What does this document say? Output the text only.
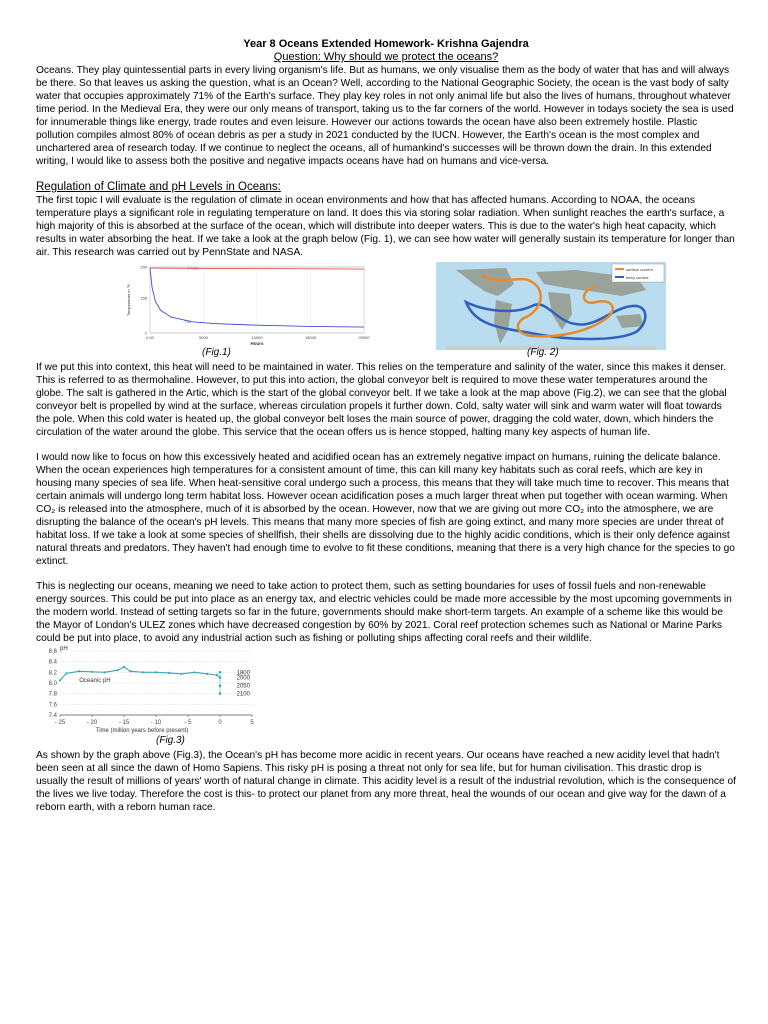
Year 8 Oceans Extended Homework- Krishna Gajendra
Question: Why should we protect the oceans?

Oceans. They play quintessential parts in every living organism's life. But as humans, we only visualise them as the body of water that has and will always be there. So that leaves us asking the question, what is an Ocean? Well, according to the National Geographic Society, the ocean is the vast body of salty water that occupies approximately 71% of the Earth's surface. They play key roles in not only animal life but also the lives of humans, throughout whatever time period. In the Medieval Era, they were our only means of transport, taking us to the far corners of the world. However in todays society the sea is used for innumerable things like energy, trade routes and even leisure. However our actions towards the ocean have also been extremely hostile. Plastic pollution compiles almost 80% of ocean debris as per a study in 2021 conducted by the IUCN. However, the Earth's ocean is the most complex and unchartered area of research today. If we continue to neglect the oceans, all of humankind's successes will be thrown down the drain. In this extended writing, I would like to assess both the positive and negative impacts oceans have had on humans and vice-versa.

Regulation of Climate and pH Levels in Oceans:

The first topic I will evaluate is the regulation of climate in ocean environments and how that has affected humans. According to NOAA, the oceans temperature plays a significant role in regulating temperature on land. It does this via storing solar radiation. When sunlight reaches the earth's surface, a high majority of this is absorbed at the surface of the ocean, which will distribute into deeper waters. This is due to the water's high heat capacity, which results in water absorbing the heat. If we take a look at the graph below (Fig. 1), we can see how water will generally sustain its temperature for longer than air. This research was carried out by PennState and NASA.

0.00	5000	10000	15000	20000
290
155
1
Hours
Temperature in °K
T water
T air
surface current
deep current
(Fig.1)	(Fig. 2)

If we put this into context, this heat will need to be maintained in water. This relies on the temperature and salinity of the water, since this makes it denser. This is referred to as thermohaline. However, to put this into action, the global conveyor belt is required to move these water temperatures around the globe. The salt is gathered in the Artic, which is the start of the global conveyor belt. If we take a look at the map above (Fig.2), we can see that the global conveyor belt is propelled by wind at the surface, whereas circulation propels it further down. Cold, salty water will sink and warm water will float towards the pole. When this cold water is heated up, the global conveyor belt loses the main source of power, dragging the cold water, down, which hinders the circulation of the water around the globe. This service that the ocean offers us is hence stopped, halting many key aspects of human life.

I would now like to focus on how this excessively heated and acidified ocean has an extremely negative impact on humans, ruining the delicate balance. When the ocean experiences high temperatures for a consistent amount of time, this can kill many key habitats such as coral reefs, which are key in housing many species of sea life. When heat-sensitive coral undergo such a process, this means that they will take much time to recover. This means that certain animals will undergo long term habitat loss. However ocean acidification poses a much larger threat when put together with ocean warming. When CO₂ is released into the atmosphere, much of it is absorbed by the ocean. However, now that we are giving out more CO₂ into the atmosphere, we are disrupting the balance of the ocean's pH levels. This means that many more species of fish are going extinct, and many more species are under threat of habitat loss. If we take a look at some species of shellfish, their shells are dissolving due to the highly acidic conditions, which is their only defence against natural threats and predators. They haven't had enough time to evolve to fit these conditions, meaning that there is a very high chance for the species to go extinct.

This is neglecting our oceans, meaning we need to take action to protect them, such as setting boundaries for uses of fossil fuels and non-renewable energy sources. This could be put into place as an energy tax, and electric vehicles could be made more accessible by the most upcoming governments in the modern world. Instead of setting targets so far in the future, governments should make short-term targets. An example of a scheme like this would be the Mayor of London's ULEZ zones which have decreased congestion by 60% by 2021. Coral reef protection schemes such as National or Marine Parks could be put into place, to avoid any industrial action such as fishing or polluting ships affecting coral reefs and their wildlife.

8.6
8.4
8.2
8.0
7.8
7.6
7.4
- 25	- 20	- 15	- 10	- 5	0	5
pH
Time (million years before present)
Oceanic pH
1800
2000
2050
2100
(Fig.3)

As shown by the graph above (Fig.3), the Ocean's pH has become more acidic in recent years. Our oceans have reached a new acidity level that hadn't been seen at all since the dawn of Homo Sapiens. This risky pH is posing a threat not only for sea life, but for human civilisation. This drastic drop is usually the result of millions of years' worth of natural change in climate. This acidity level is a result of the industrial revolution, which is the consequence of the lives we live today. Therefore the cost is this- to protect our planet from any more threat, heal the wounds of our ocean and give way for the dawn of a reborn earth, with a reborn human race.
